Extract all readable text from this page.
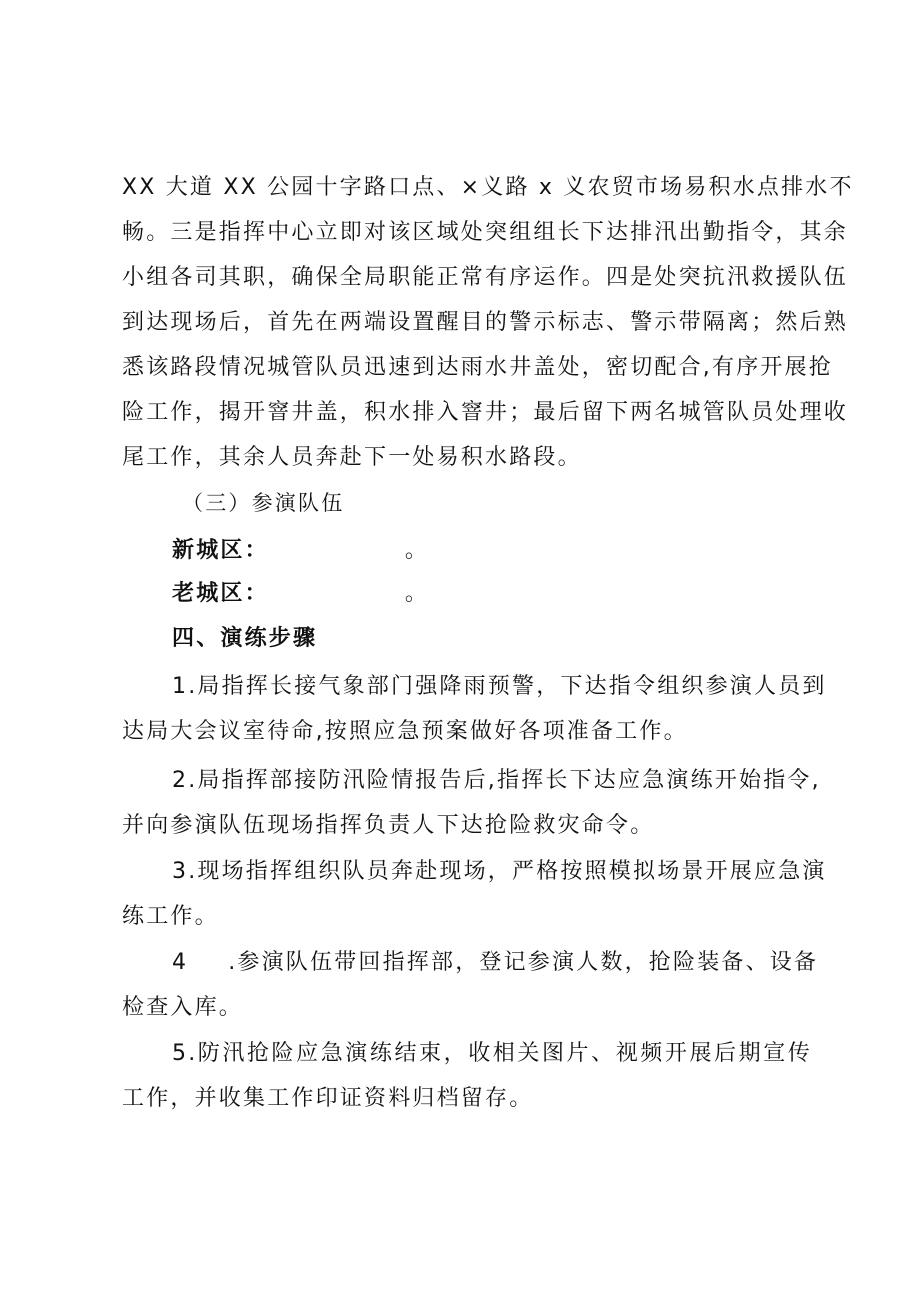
XX 大道 XX 公园十字路口点、×义路 x 义农贸市场易积水点排水不
畅。三是指挥中心立即对该区域处突组组长下达排汛出勤指令，其余
小组各司其职，确保全局职能正常有序运作。四是处突抗汛救援队伍
到达现场后，首先在两端设置醒目的警示标志、警示带隔离；然后熟
悉该路段情况城管队员迅速到达雨水井盖处，密切配合,有序开展抢
险工作，揭开窨井盖，积水排入窨井；最后留下两名城管队员处理收
尾工作，其余人员奔赴下一处易积水路段。
（三）参演队伍
新城区：	。
老城区：	。
四、演练步骤
1.局指挥长接气象部门强降雨预警，下达指令组织参演人员到
达局大会议室待命,按照应急预案做好各项准备工作。
2.局指挥部接防汛险情报告后,指挥长下达应急演练开始指令,
并向参演队伍现场指挥负责人下达抢险救灾命令。
3.现场指挥组织队员奔赴现场，严格按照模拟场景开展应急演
练工作。
4 .参演队伍带回指挥部，登记参演人数，抢险装备、设备
检查入库。
5.防汛抢险应急演练结束，收相关图片、视频开展后期宣传
工作，并收集工作印证资料归档留存。
